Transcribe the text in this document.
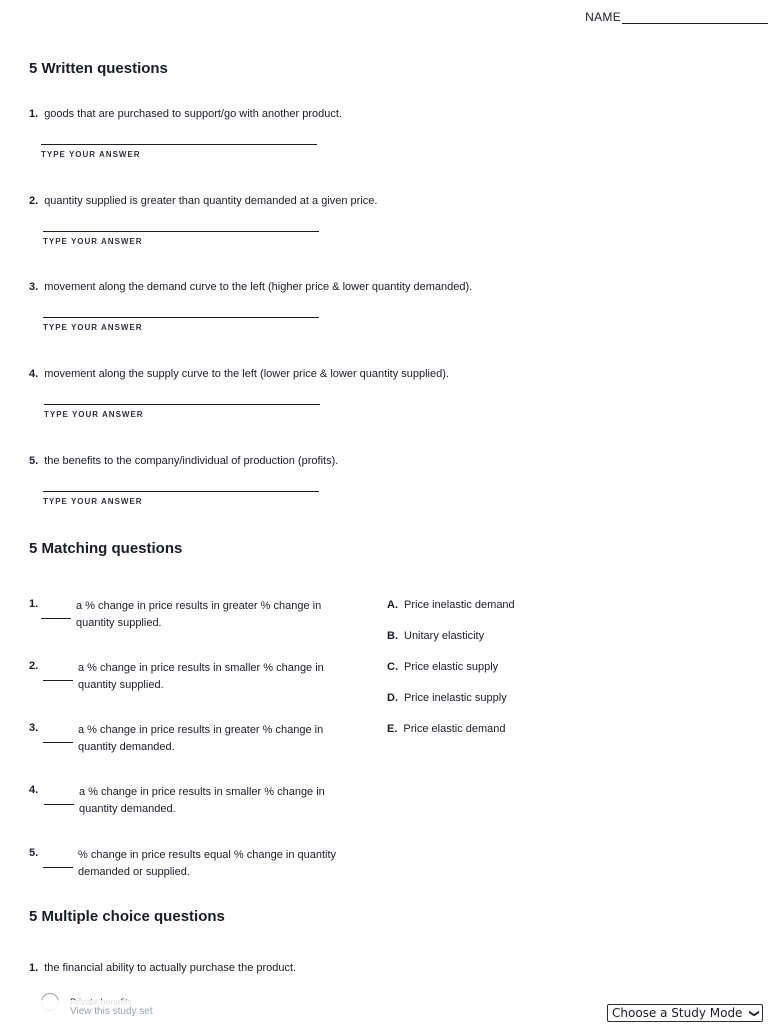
NAME
5 Written questions
1. goods that are purchased to support/go with another product.
TYPE YOUR ANSWER
2. quantity supplied is greater than quantity demanded at a given price.
TYPE YOUR ANSWER
3. movement along the demand curve to the left (higher price & lower quantity demanded).
TYPE YOUR ANSWER
4. movement along the supply curve to the left (lower price & lower quantity supplied).
TYPE YOUR ANSWER
5. the benefits to the company/individual of production (profits).
TYPE YOUR ANSWER
5 Matching questions
1.	a % change in price results in greater % change in quantity supplied.
2.	a % change in price results in smaller % change in quantity supplied.
3.	a % change in price results in greater % change in quantity demanded.
4.	a % change in price results in smaller % change in quantity demanded.
5.	% change in price results equal % change in quantity demanded or supplied.
A. Price inelastic demand
B. Unitary elasticity
C. Price elastic supply
D. Price inelastic supply
E. Price elastic demand
5 Multiple choice questions
1. the financial ability to actually purchase the product.
View this study set	Choose a Study Mode ❯
